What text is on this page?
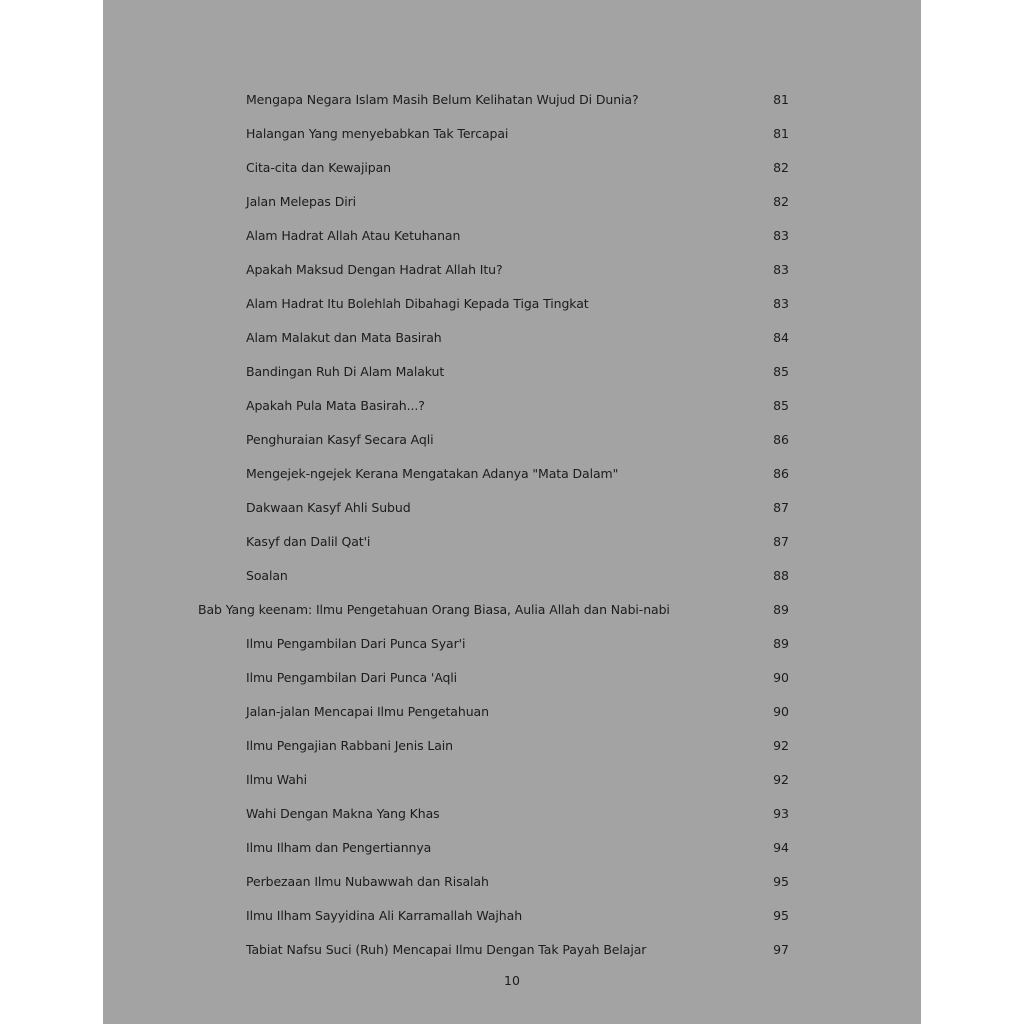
Mengapa Negara Islam Masih Belum Kelihatan Wujud Di Dunia?	81
Halangan Yang menyebabkan Tak Tercapai	81
Cita-cita dan Kewajipan	82
Jalan Melepas Diri	82
Alam Hadrat Allah Atau Ketuhanan	83
Apakah Maksud Dengan Hadrat Allah Itu?	83
Alam Hadrat Itu Bolehlah Dibahagi Kepada Tiga Tingkat	83
Alam Malakut dan Mata Basirah	84
Bandingan Ruh Di Alam Malakut	85
Apakah Pula Mata Basirah...?	85
Penghuraian Kasyf Secara Aqli	86
Mengejek-ngejek Kerana Mengatakan Adanya "Mata Dalam"	86
Dakwaan Kasyf Ahli Subud	87
Kasyf dan Dalil Qat'i	87
Soalan	88
Bab Yang keenam: Ilmu Pengetahuan Orang Biasa, Aulia Allah dan Nabi-nabi	89
Ilmu Pengambilan Dari Punca Syar'i	89
Ilmu Pengambilan Dari Punca 'Aqli	90
Jalan-jalan Mencapai Ilmu Pengetahuan	90
Ilmu Pengajian Rabbani Jenis Lain	92
Ilmu Wahi	92
Wahi Dengan Makna Yang Khas	93
Ilmu Ilham dan Pengertiannya	94
Perbezaan Ilmu Nubawwah dan Risalah	95
Ilmu Ilham Sayyidina Ali Karramallah Wajhah	95
Tabiat Nafsu Suci (Ruh) Mencapai Ilmu Dengan Tak Payah Belajar	97
10
